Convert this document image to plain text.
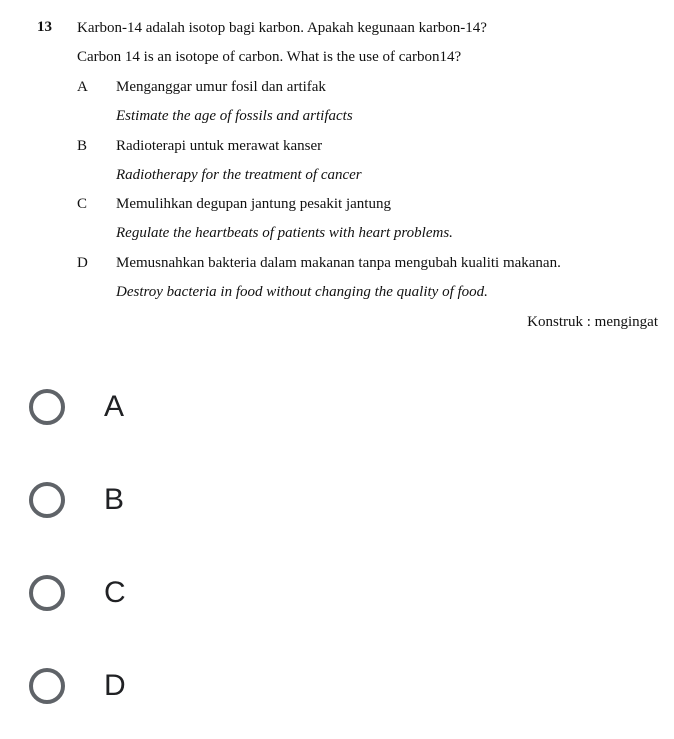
13 Karbon-14 adalah isotop bagi karbon. Apakah kegunaan karbon-14?
Carbon 14 is an isotope of carbon. What is the use of carbon14?
A Menganggar umur fosil dan artifak
Estimate the age of fossils and artifacts
B Radioterapi untuk merawat kanser
Radiotherapy for the treatment of cancer
C Memulihkan degupan jantung pesakit jantung
Regulate the heartbeats of patients with heart problems.
D Memusnahkan bakteria dalam makanan tanpa mengubah kualiti makanan.
Destroy bacteria in food without changing the quality of food.
Konstruk : mengingat
A
B
C
D
